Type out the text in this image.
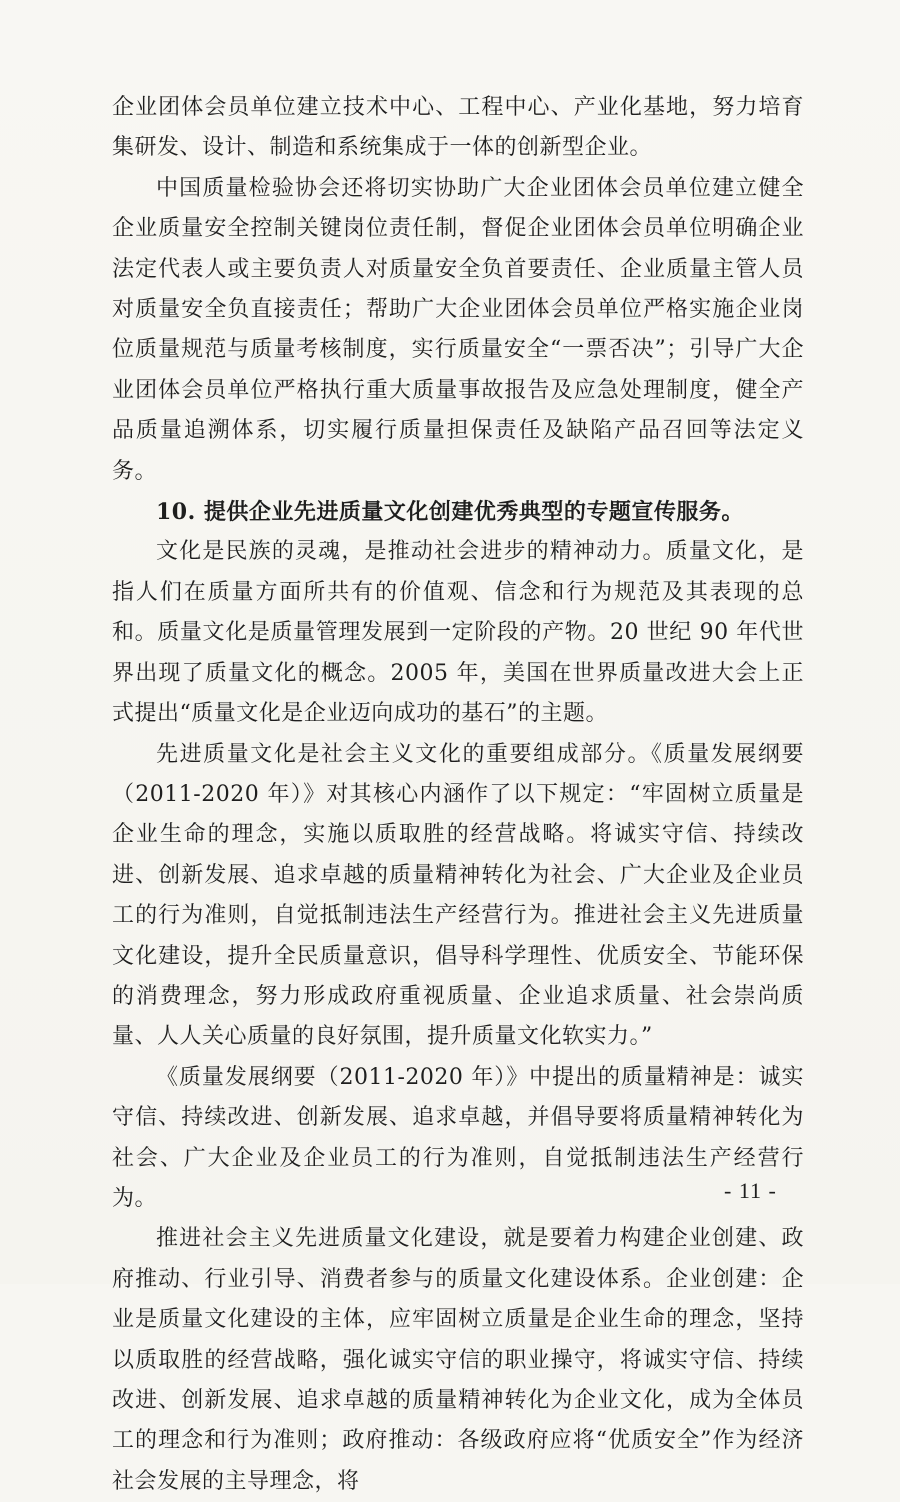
企业团体会员单位建立技术中心、工程中心、产业化基地，努力培育集研发、设计、制造和系统集成于一体的创新型企业。

中国质量检验协会还将切实协助广大企业团体会员单位建立健全企业质量安全控制关键岗位责任制，督促企业团体会员单位明确企业法定代表人或主要负责人对质量安全负首要责任、企业质量主管人员对质量安全负直接责任；帮助广大企业团体会员单位严格实施企业岗位质量规范与质量考核制度，实行质量安全“一票否决”；引导广大企业团体会员单位严格执行重大质量事故报告及应急处理制度，健全产品质量追溯体系，切实履行质量担保责任及缺陷产品召回等法定义务。

10. 提供企业先进质量文化创建优秀典型的专题宣传服务。

文化是民族的灵魂，是推动社会进步的精神动力。质量文化，是指人们在质量方面所共有的价值观、信念和行为规范及其表现的总和。质量文化是质量管理发展到一定阶段的产物。20 世纪 90 年代世界出现了质量文化的概念。2005 年，美国在世界质量改进大会上正式提出“质量文化是企业迈向成功的基石”的主题。

先进质量文化是社会主义文化的重要组成部分。《质量发展纲要（2011-2020 年）》对其核心内涵作了以下规定：“牢固树立质量是企业生命的理念，实施以质取胜的经营战略。将诚实守信、持续改进、创新发展、追求卓越的质量精神转化为社会、广大企业及企业员工的行为准则，自觉抵制违法生产经营行为。推进社会主义先进质量文化建设，提升全民质量意识，倡导科学理性、优质安全、节能环保的消费理念，努力形成政府重视质量、企业追求质量、社会崇尚质量、人人关心质量的良好氛围，提升质量文化软实力。”

《质量发展纲要（2011-2020 年）》中提出的质量精神是：诚实守信、持续改进、创新发展、追求卓越，并倡导要将质量精神转化为社会、广大企业及企业员工的行为准则，自觉抵制违法生产经营行为。

推进社会主义先进质量文化建设，就是要着力构建企业创建、政府推动、行业引导、消费者参与的质量文化建设体系。企业创建：企业是质量文化建设的主体，应牢固树立质量是企业生命的理念，坚持以质取胜的经营战略，强化诚实守信的职业操守，将诚实守信、持续改进、创新发展、追求卓越的质量精神转化为企业文化，成为全体员工的理念和行为准则；政府推动：各级政府应将“优质安全”作为经济社会发展的主导理念，将

- 11 -
